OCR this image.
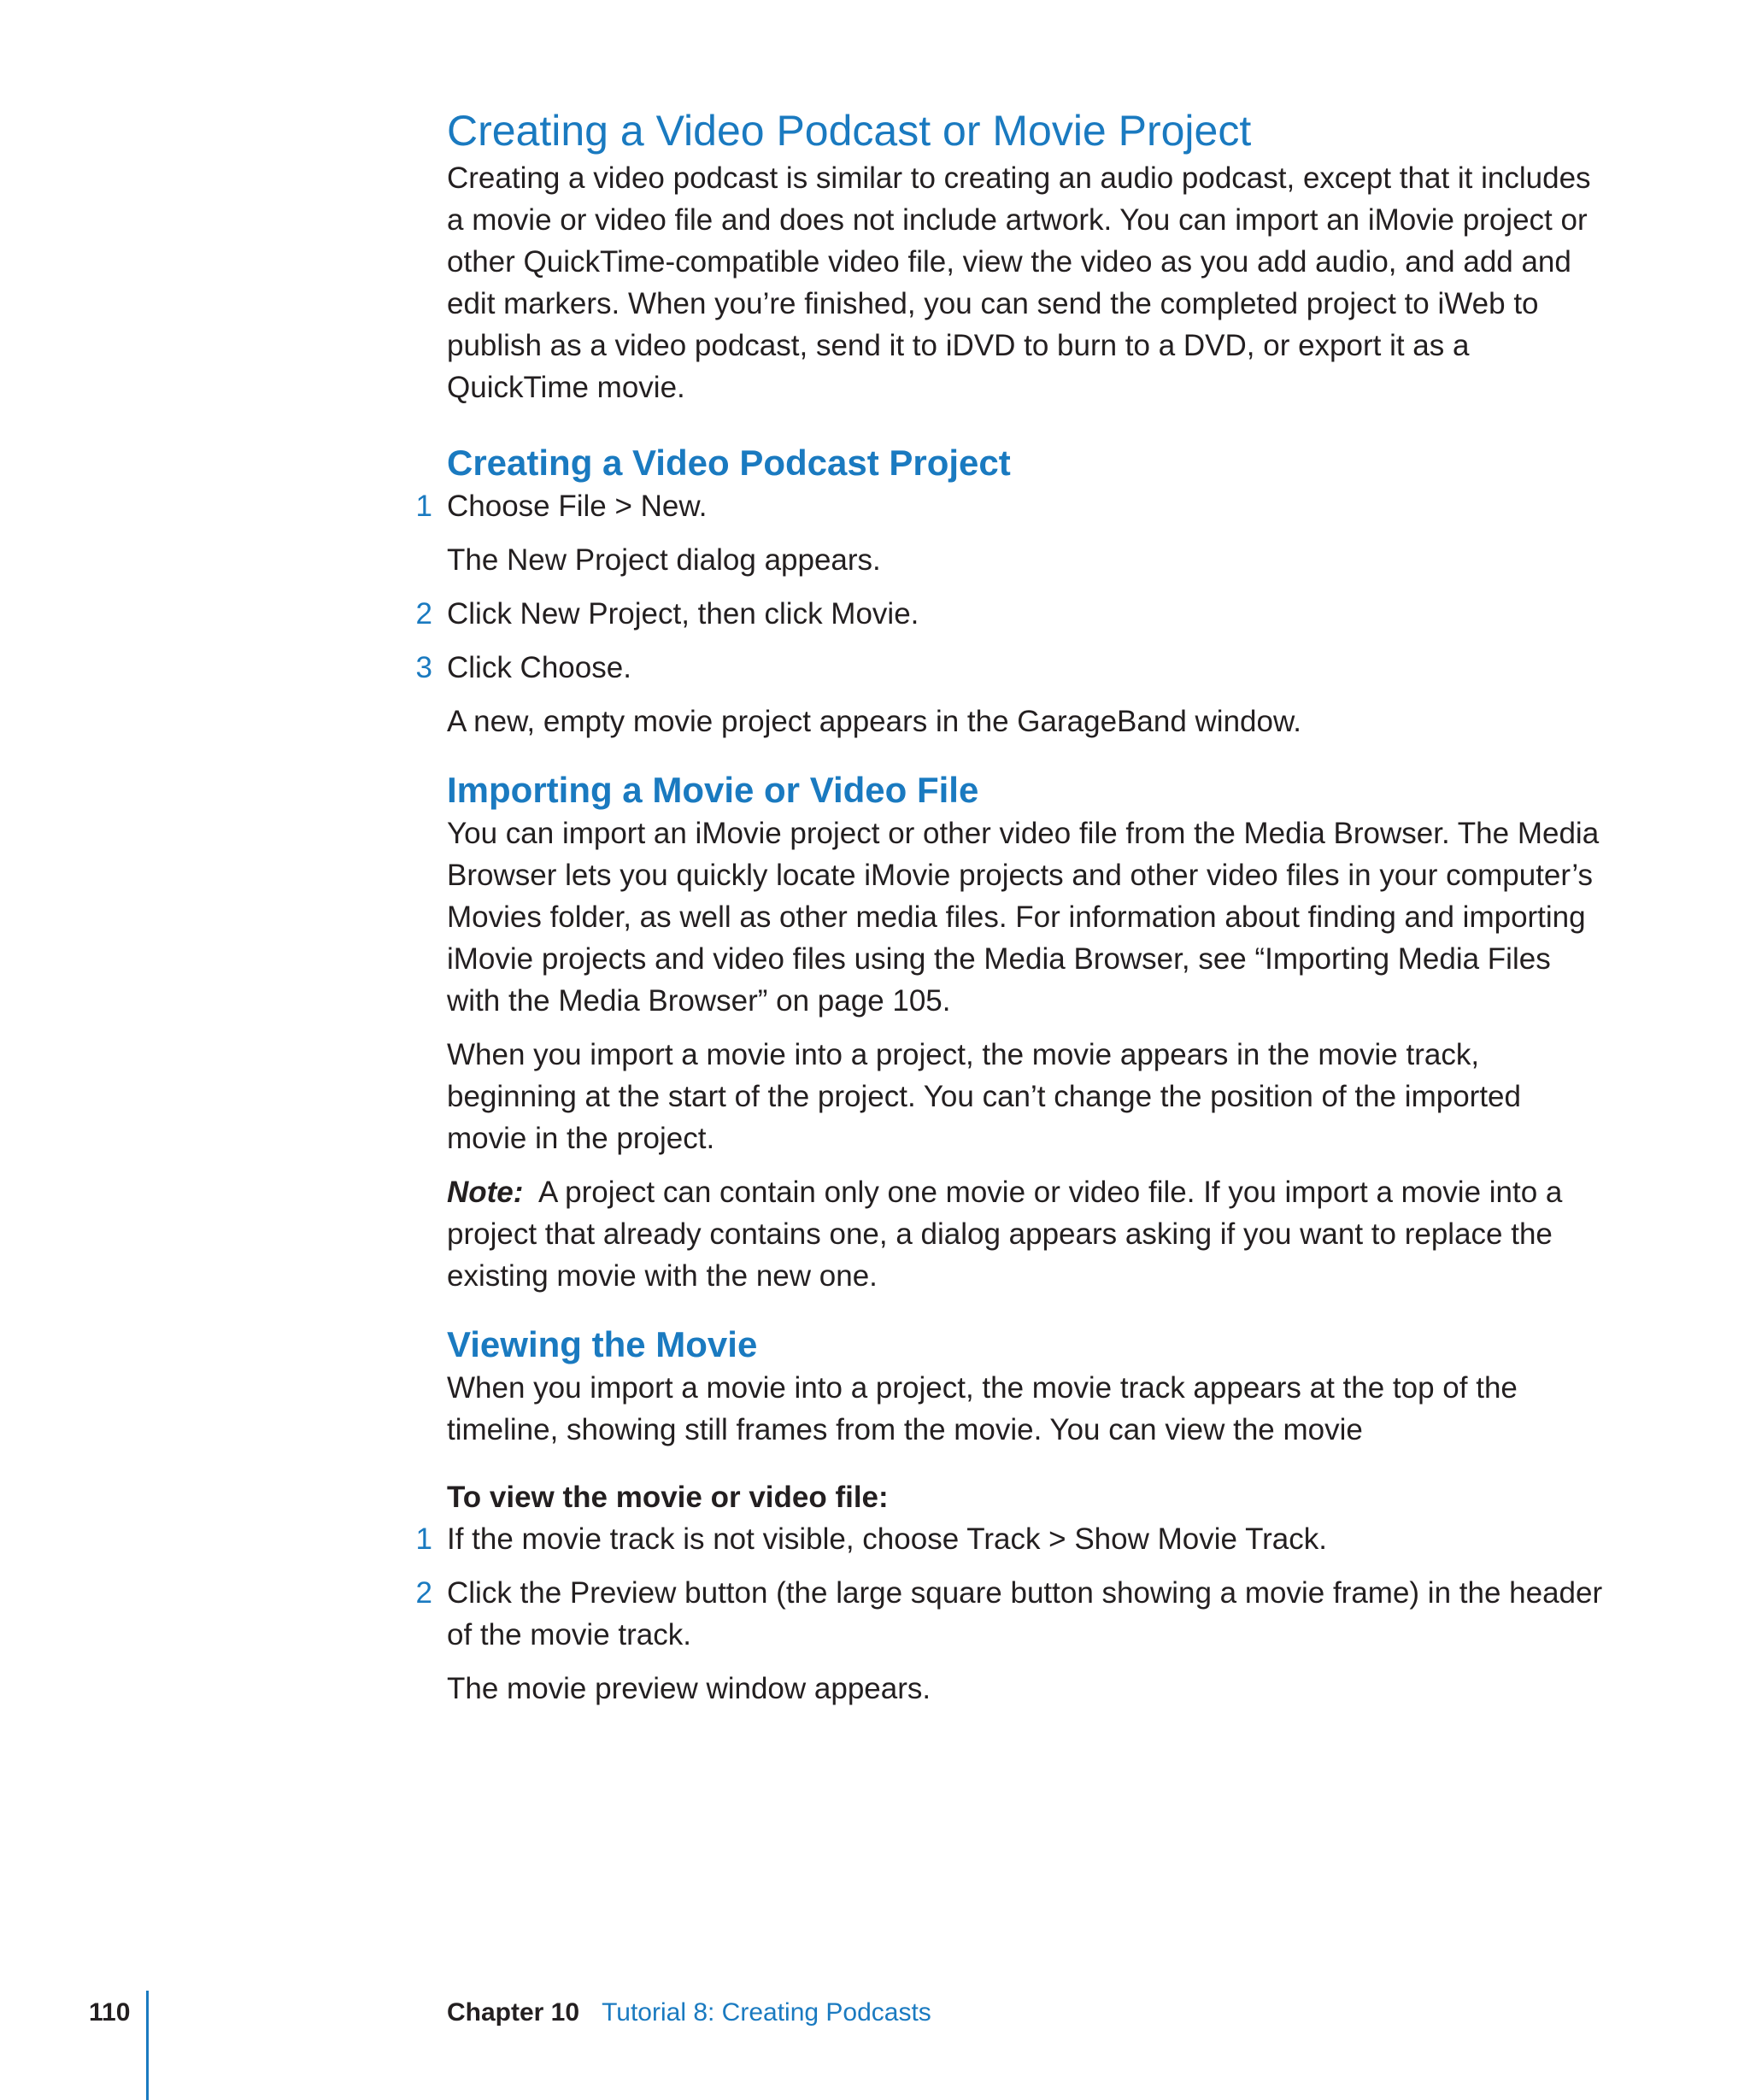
Creating a Video Podcast or Movie Project

Creating a video podcast is similar to creating an audio podcast, except that it includes a movie or video file and does not include artwork. You can import an iMovie project or other QuickTime-compatible video file, view the video as you add audio, and add and edit markers. When you’re finished, you can send the completed project to iWeb to publish as a video podcast, send it to iDVD to burn to a DVD, or export it as a QuickTime movie.

Creating a Video Podcast Project
1 Choose File > New.

The New Project dialog appears.

2 Click New Project, then click Movie.

3 Click Choose.

A new, empty movie project appears in the GarageBand window.

Importing a Movie or Video File

You can import an iMovie project or other video file from the Media Browser. The Media Browser lets you quickly locate iMovie projects and other video files in your computer’s Movies folder, as well as other media files. For information about finding and importing iMovie projects and video files using the Media Browser, see “Importing Media Files with the Media Browser” on page 105.

When you import a movie into a project, the movie appears in the movie track, beginning at the start of the project. You can’t change the position of the imported movie in the project.

Note: A project can contain only one movie or video file. If you import a movie into a project that already contains one, a dialog appears asking if you want to replace the existing movie with the new one.

Viewing the Movie

When you import a movie into a project, the movie track appears at the top of the timeline, showing still frames from the movie. You can view the movie

To view the movie or video file:

1 If the movie track is not visible, choose Track > Show Movie Track.

2 Click the Preview button (the large square button showing a movie frame) in the header of the movie track.

The movie preview window appears.

110	Chapter 10 Tutorial 8: Creating Podcasts
